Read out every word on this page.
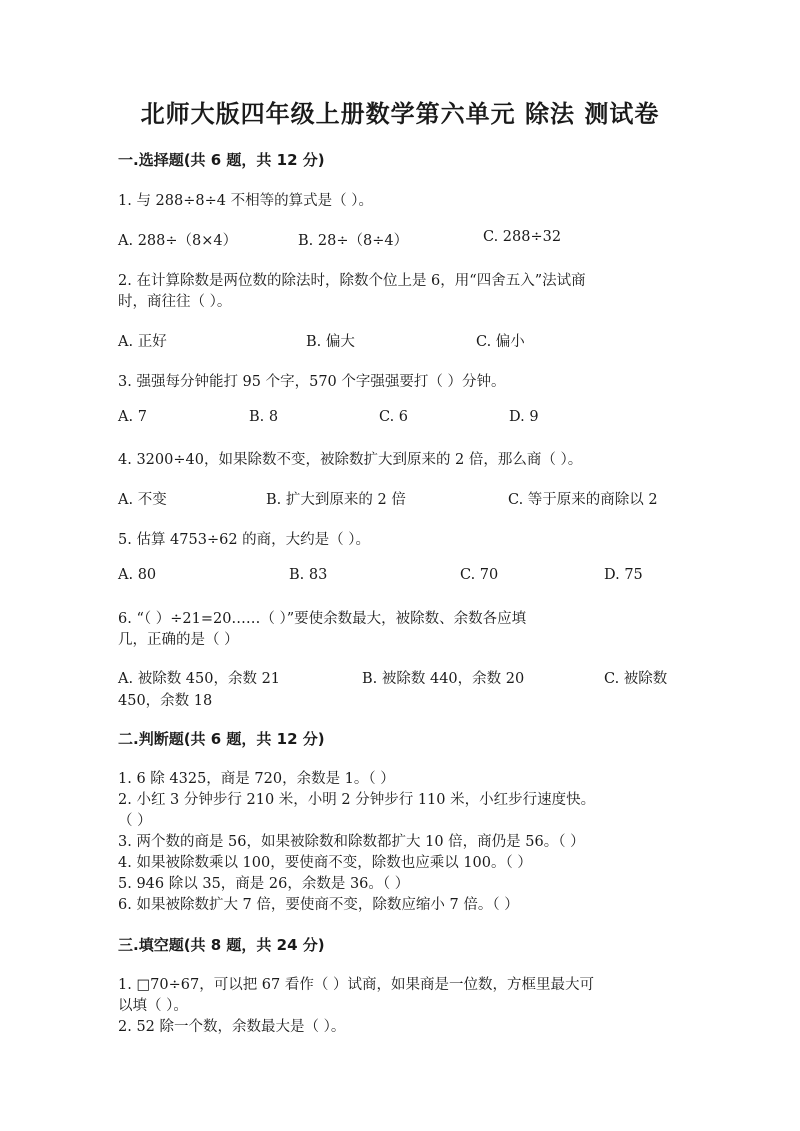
北师大版四年级上册数学第六单元 除法 测试卷
一.选择题(共 6 题，共 12 分)
1. 与 288÷8÷4 不相等的算式是（ ）。
A. 288÷（8×4）	B. 28÷（8÷4）	C. 288÷32
2. 在计算除数是两位数的除法时，除数个位上是 6，用“四舍五入”法试商
时，商往往（ ）。
A. 正好	B. 偏大	C. 偏小
3. 强强每分钟能打 95 个字，570 个字强强要打（ ）分钟。
A. 7	B. 8	C. 6	D. 9
4. 3200÷40，如果除数不变，被除数扩大到原来的 2 倍，那么商（ ）。
A. 不变	B. 扩大到原来的 2 倍	C. 等于原来的商除以 2
5. 估算 4753÷62 的商，大约是（ ）。
A. 80	B. 83	C. 70	D. 75
6. “（ ）÷21=20……（ ）”要使余数最大，被除数、余数各应填
几，正确的是（ ）
A. 被除数 450，余数 21	B. 被除数 440，余数 20	C. 被除数
450，余数 18
二.判断题(共 6 题，共 12 分)
1. 6 除 4325，商是 720，余数是 1。（ ）
2. 小红 3 分钟步行 210 米，小明 2 分钟步行 110 米，小红步行速度快。
（ ）
3. 两个数的商是 56，如果被除数和除数都扩大 10 倍，商仍是 56。（ ）
4. 如果被除数乘以 100，要使商不变，除数也应乘以 100。（ ）
5. 946 除以 35，商是 26，余数是 36。（ ）
6. 如果被除数扩大 7 倍，要使商不变，除数应缩小 7 倍。（ ）
三.填空题(共 8 题，共 24 分)
1. □70÷67，可以把 67 看作（ ）试商，如果商是一位数，方框里最大可
以填（ ）。
2. 52 除一个数，余数最大是（ ）。
